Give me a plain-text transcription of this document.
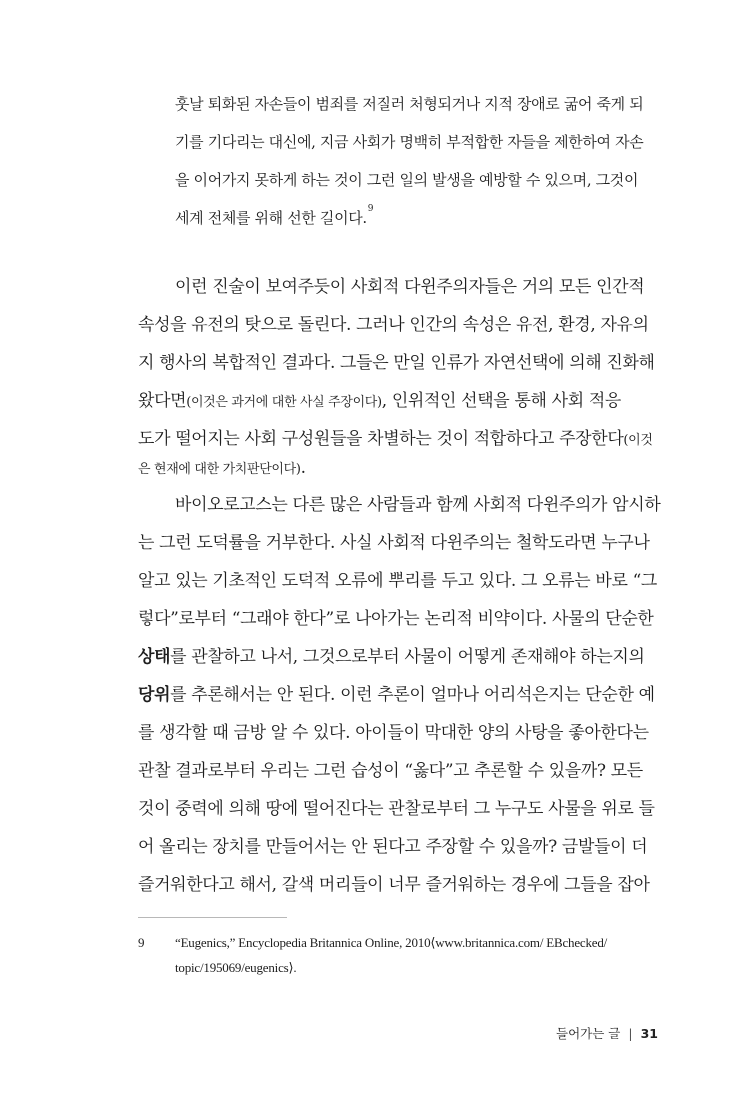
훗날 퇴화된 자손들이 범죄를 저질러 처형되거나 지적 장애로 굶어 죽게 되
기를 기다리는 대신에, 지금 사회가 명백히 부적합한 자들을 제한하여 자손
을 이어가지 못하게 하는 것이 그런 일의 발생을 예방할 수 있으며, 그것이
세계 전체를 위해 선한 길이다.$^9$
이런 진술이 보여주듯이 사회적 다윈주의자들은 거의 모든 인간적
속성을 유전의 탓으로 돌린다. 그러나 인간의 속성은 유전, 환경, 자유의
지 행사의 복합적인 결과다. 그들은 만일 인류가 자연선택에 의해 진화해
왔다면(이것은 과거에 대한 사실 주장이다), 인위적인 선택을 통해 사회 적응
도가 떨어지는 사회 구성원들을 차별하는 것이 적합하다고 주장한다(이것
은 현재에 대한 가치판단이다).
바이오로고스는 다른 많은 사람들과 함께 사회적 다윈주의가 암시하
는 그런 도덕률을 거부한다. 사실 사회적 다윈주의는 철학도라면 누구나
알고 있는 기초적인 도덕적 오류에 뿌리를 두고 있다. 그 오류는 바로 “그
렇다”로부터 “그래야 한다”로 나아가는 논리적 비약이다. 사물의 단순한
상태를 관찰하고 나서, 그것으로부터 사물이 어떻게 존재해야 하는지의
당위를 추론해서는 안 된다. 이런 추론이 얼마나 어리석은지는 단순한 예
를 생각할 때 금방 알 수 있다. 아이들이 막대한 양의 사탕을 좋아한다는
관찰 결과로부터 우리는 그런 습성이 “옳다”고 추론할 수 있을까? 모든
것이 중력에 의해 땅에 떨어진다는 관찰로부터 그 누구도 사물을 위로 들
어 올리는 장치를 만들어서는 안 된다고 주장할 수 있을까? 금발들이 더
즐거워한다고 해서, 갈색 머리들이 너무 즐거워하는 경우에 그들을 잡아
9 “Eugenics,” Encyclopedia Britannica Online, 2010⟨www.britannica.com/ EBchecked/
topic/195069/eugenics⟩.
들어가는 글 | 31
